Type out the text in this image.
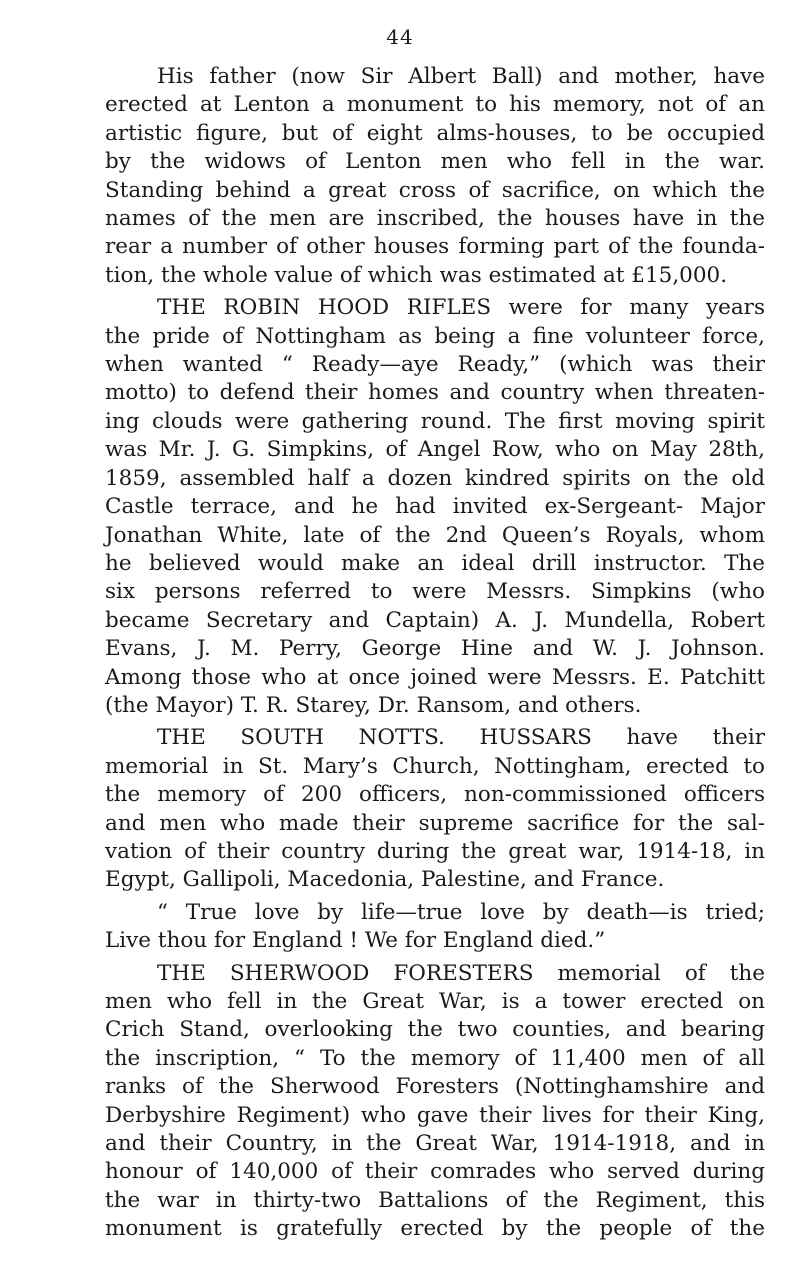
44

His father (now Sir Albert Ball) and mother, have
erected at Lenton a monument to his memory, not of an
artistic figure, but of eight alms-houses, to be occupied
by the widows of Lenton men who fell in the war.
Standing behind a great cross of sacrifice, on which the
names of the men are inscribed, the houses have in the
rear a number of other houses forming part of the founda-
tion, the whole value of which was estimated at £15,000.

THE ROBIN HOOD RIFLES were for many years
the pride of Nottingham as being a fine volunteer force,
when wanted “ Ready—aye Ready,” (which was their
motto) to defend their homes and country when threaten-
ing clouds were gathering round. The first moving spirit
was Mr. J. G. Simpkins, of Angel Row, who on May 28th,
1859, assembled half a dozen kindred spirits on the old
Castle terrace, and he had invited ex-Sergeant- Major
Jonathan White, late of the 2nd Queen’s Royals, whom
he believed would make an ideal drill instructor. The
six persons referred to were Messrs. Simpkins (who
became Secretary and Captain) A. J. Mundella, Robert
Evans, J. M. Perry, George Hine and W. J. Johnson.
Among those who at once joined were Messrs. E. Patchitt
(the Mayor) T. R. Starey, Dr. Ransom, and others.

THE SOUTH NOTTS. HUSSARS have their
memorial in St. Mary’s Church, Nottingham, erected to
the memory of 200 officers, non-commissioned officers
and men who made their supreme sacrifice for the sal-
vation of their country during the great war, 1914-18, in
Egypt, Gallipoli, Macedonia, Palestine, and France.

“ True love by life—true love by death—is tried;
Live thou for England ! We for England died.”

THE SHERWOOD FORESTERS memorial of the
men who fell in the Great War, is a tower erected on
Crich Stand, overlooking the two counties, and bearing
the inscription, “ To the memory of 11,400 men of all
ranks of the Sherwood Foresters (Nottinghamshire and
Derbyshire Regiment) who gave their lives for their King,
and their Country, in the Great War, 1914-1918, and in
honour of 140,000 of their comrades who served during
the war in thirty-two Battalions of the Regiment, this
monument is gratefully erected by the people of the
